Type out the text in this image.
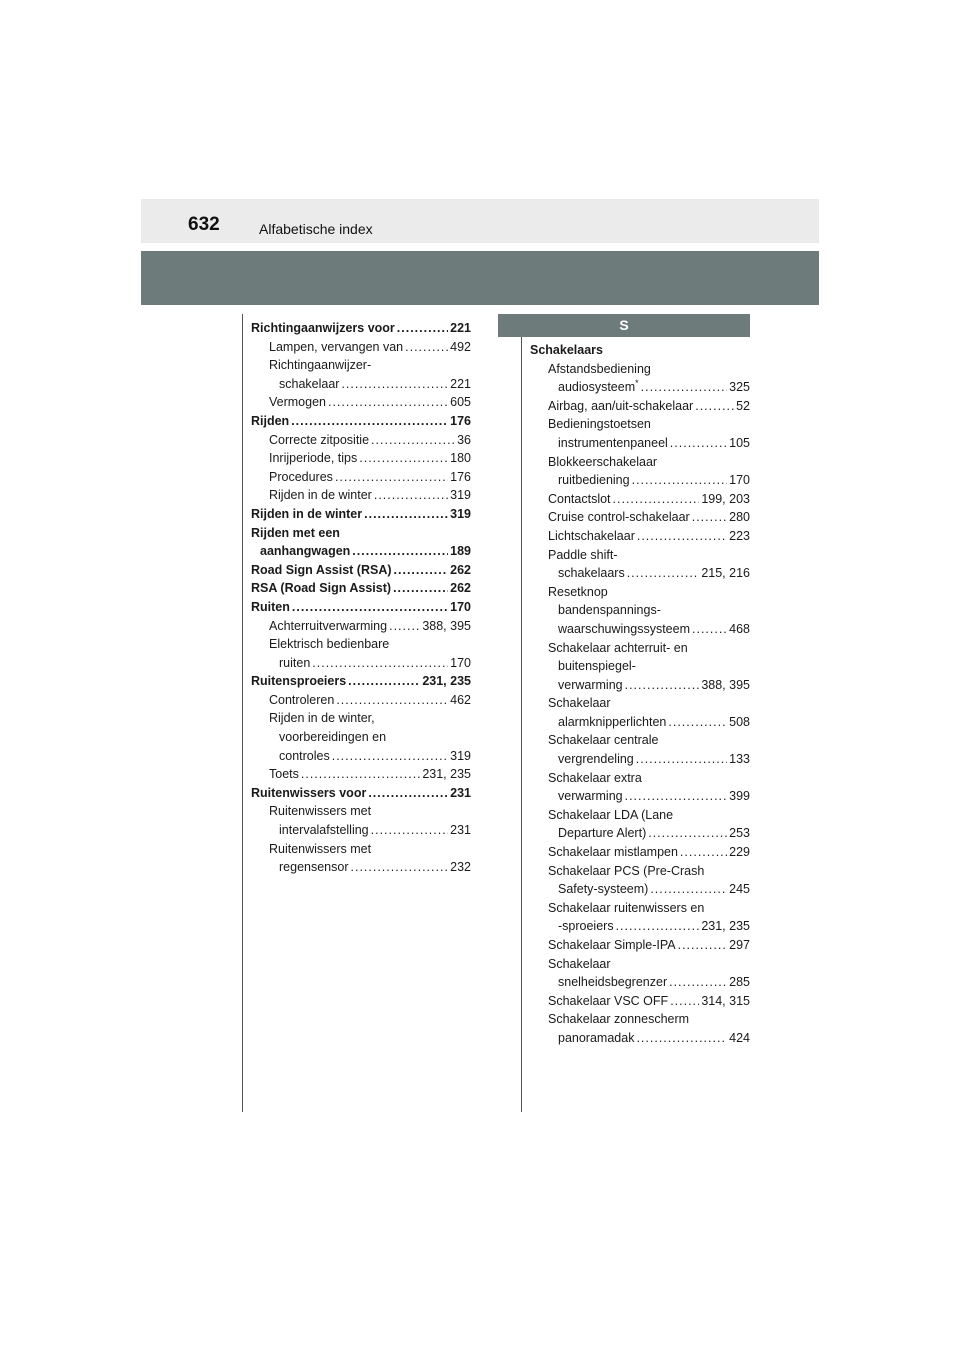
632	Alfabetische index
Richtingaanwijzers voor .....	221
Lampen, vervangen van .....	492
Richtingaanwijzer-
schakelaar .....	221
Vermogen .....	605
Rijden .....	176
Correcte zitpositie .....	36
Inrijperiode, tips .....	180
Procedures .....	176
Rijden in de winter .....	319
Rijden in de winter .....	319
Rijden met een
aanhangwagen .....	189
Road Sign Assist (RSA) .....	262
RSA (Road Sign Assist) .....	262
Ruiten .....	170
Achterruitverwarming .....	388, 395
Elektrisch bedienbare
ruiten .....	170
Ruitensproeiers .....	231, 235
Controleren .....	462
Rijden in de winter,
voorbereidingen en
controles .....	319
Toets .....	231, 235
Ruitenwissers voor .....	231
Ruitenwissers met
intervalafstelling .....	231
Ruitenwissers met
regensensor .....	232
S
Schakelaars
Afstandsbediening
audiosysteem* .....	325
Airbag, aan/uit-schakelaar .....	52
Bedieningstoetsen
instrumentenpaneel .....	105
Blokkeerschakelaar
ruitbediening .....	170
Contactslot .....	199, 203
Cruise control-schakelaar .....	280
Lichtschakelaar .....	223
Paddle shift-
schakelaars .....	215, 216
Resetknop
bandenspannings-
waarschuwingssysteem .....	468
Schakelaar achterruit- en
buitenspiegel-
verwarming .....	388, 395
Schakelaar
alarmknipperlichten .....	508
Schakelaar centrale
vergrendeling .....	133
Schakelaar extra
verwarming .....	399
Schakelaar LDA (Lane
Departure Alert) .....	253
Schakelaar mistlampen .....	229
Schakelaar PCS (Pre-Crash
Safety-systeem) .....	245
Schakelaar ruitenwissers en
-sproeiers .....	231, 235
Schakelaar Simple-IPA .....	297
Schakelaar
snelheidsbegrenzer .....	285
Schakelaar VSC OFF .....	314, 315
Schakelaar zonnescherm
panoramadak .....	424
